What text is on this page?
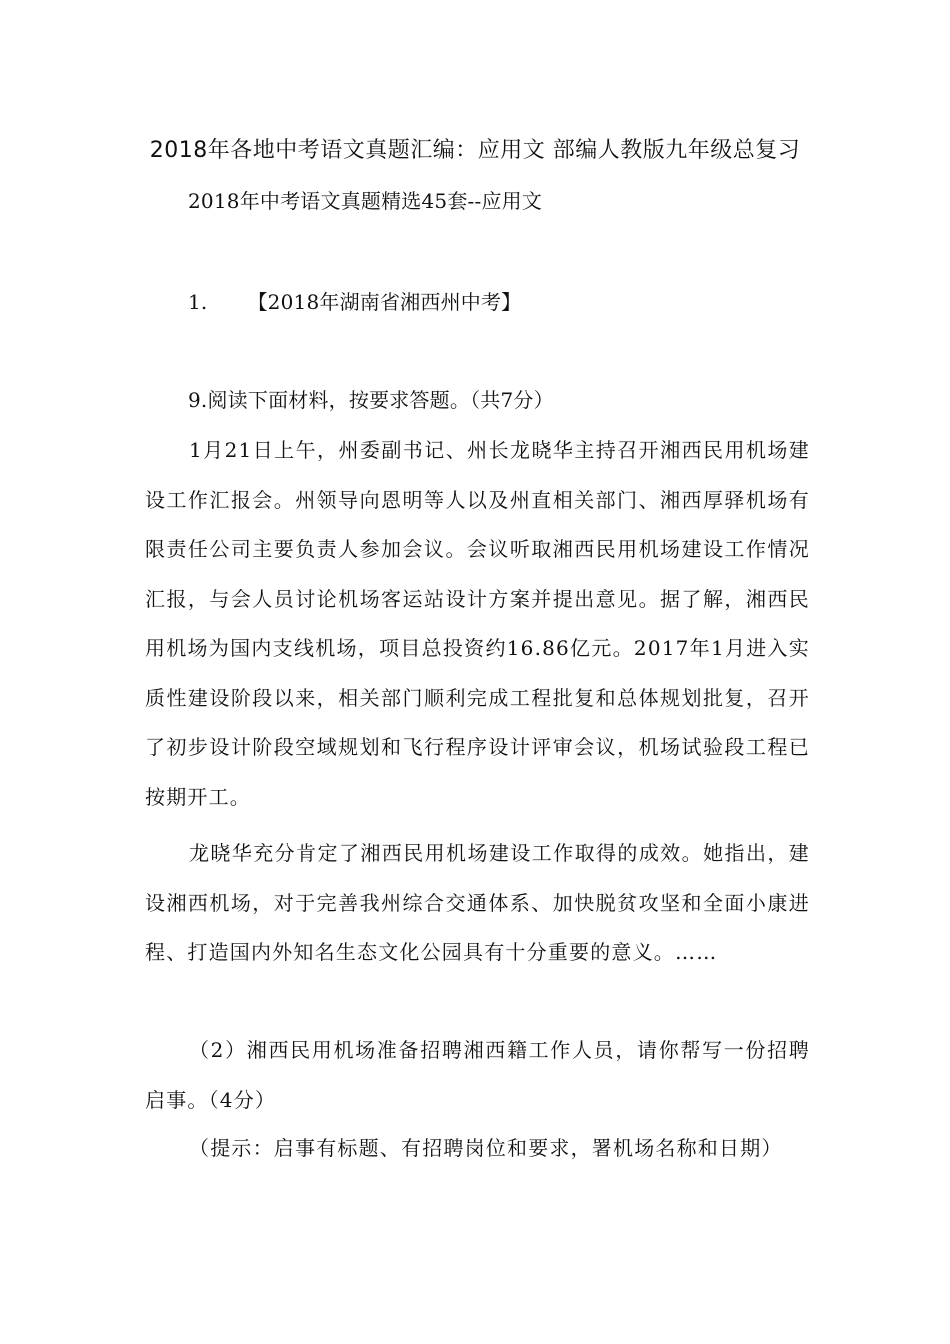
2018年各地中考语文真题汇编：应用文 部编人教版九年级总复习
2018年中考语文真题精选45套--应用文
1. 【2018年湖南省湘西州中考】
9.阅读下面材料，按要求答题。（共7分）
1月21日上午，州委副书记、州长龙晓华主持召开湘西民用机场建设工作汇报会。州领导向恩明等人以及州直相关部门、湘西厚驿机场有限责任公司主要负责人参加会议。会议听取湘西民用机场建设工作情况汇报，与会人员讨论机场客运站设计方案并提出意见。据了解，湘西民用机场为国内支线机场，项目总投资约16.86亿元。2017年1月进入实质性建设阶段以来，相关部门顺利完成工程批复和总体规划批复，召开了初步设计阶段空域规划和飞行程序设计评审会议，机场试验段工程已按期开工。
龙晓华充分肯定了湘西民用机场建设工作取得的成效。她指出，建设湘西机场，对于完善我州综合交通体系、加快脱贫攻坚和全面小康进程、打造国内外知名生态文化公园具有十分重要的意义。……
（2）湘西民用机场准备招聘湘西籍工作人员，请你帮写一份招聘启事。（4分）
（提示：启事有标题、有招聘岗位和要求，署机场名称和日期）
